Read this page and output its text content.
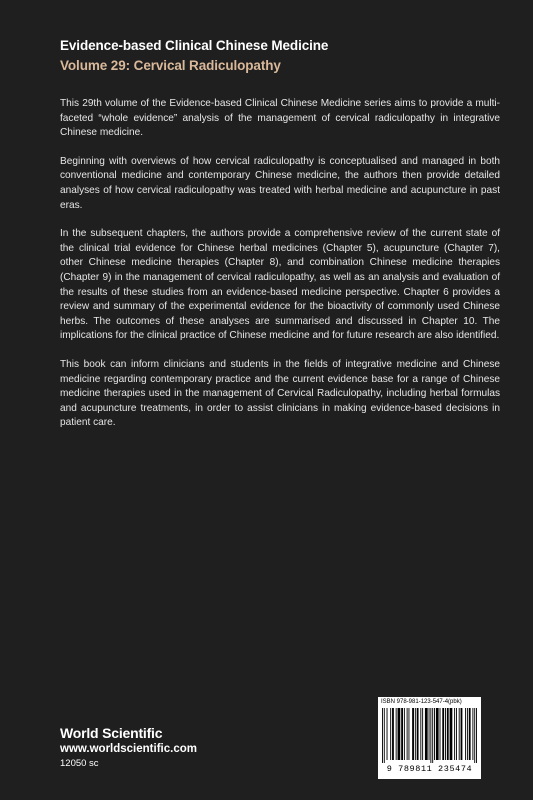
Evidence-based Clinical Chinese Medicine
Volume 29: Cervical Radiculopathy

This 29th volume of the Evidence-based Clinical Chinese Medicine series aims to provide a multi-faceted “whole evidence” analysis of the management of cervical radiculopathy in integrative Chinese medicine.

Beginning with overviews of how cervical radiculopathy is conceptualised and managed in both conventional medicine and contemporary Chinese medicine, the authors then provide detailed analyses of how cervical radiculopathy was treated with herbal medicine and acupuncture in past eras.

In the subsequent chapters, the authors provide a comprehensive review of the current state of the clinical trial evidence for Chinese herbal medicines (Chapter 5), acupuncture (Chapter 7), other Chinese medicine therapies (Chapter 8), and combination Chinese medicine therapies (Chapter 9) in the management of cervical radiculopathy, as well as an analysis and evaluation of the results of these studies from an evidence-based medicine perspective. Chapter 6 provides a review and summary of the experimental evidence for the bioactivity of commonly used Chinese herbs. The outcomes of these analyses are summarised and discussed in Chapter 10. The implications for the clinical practice of Chinese medicine and for future research are also identified.

This book can inform clinicians and students in the fields of integrative medicine and Chinese medicine regarding contemporary practice and the current evidence base for a range of Chinese medicine therapies used in the management of Cervical Radiculopathy, including herbal formulas and acupuncture treatments, in order to assist clinicians in making evidence-based decisions in patient care.

World Scientific
www.worldscientific.com
12050 sc
ISBN 978-981-123-547-4(pbk)
9 789811 235474
